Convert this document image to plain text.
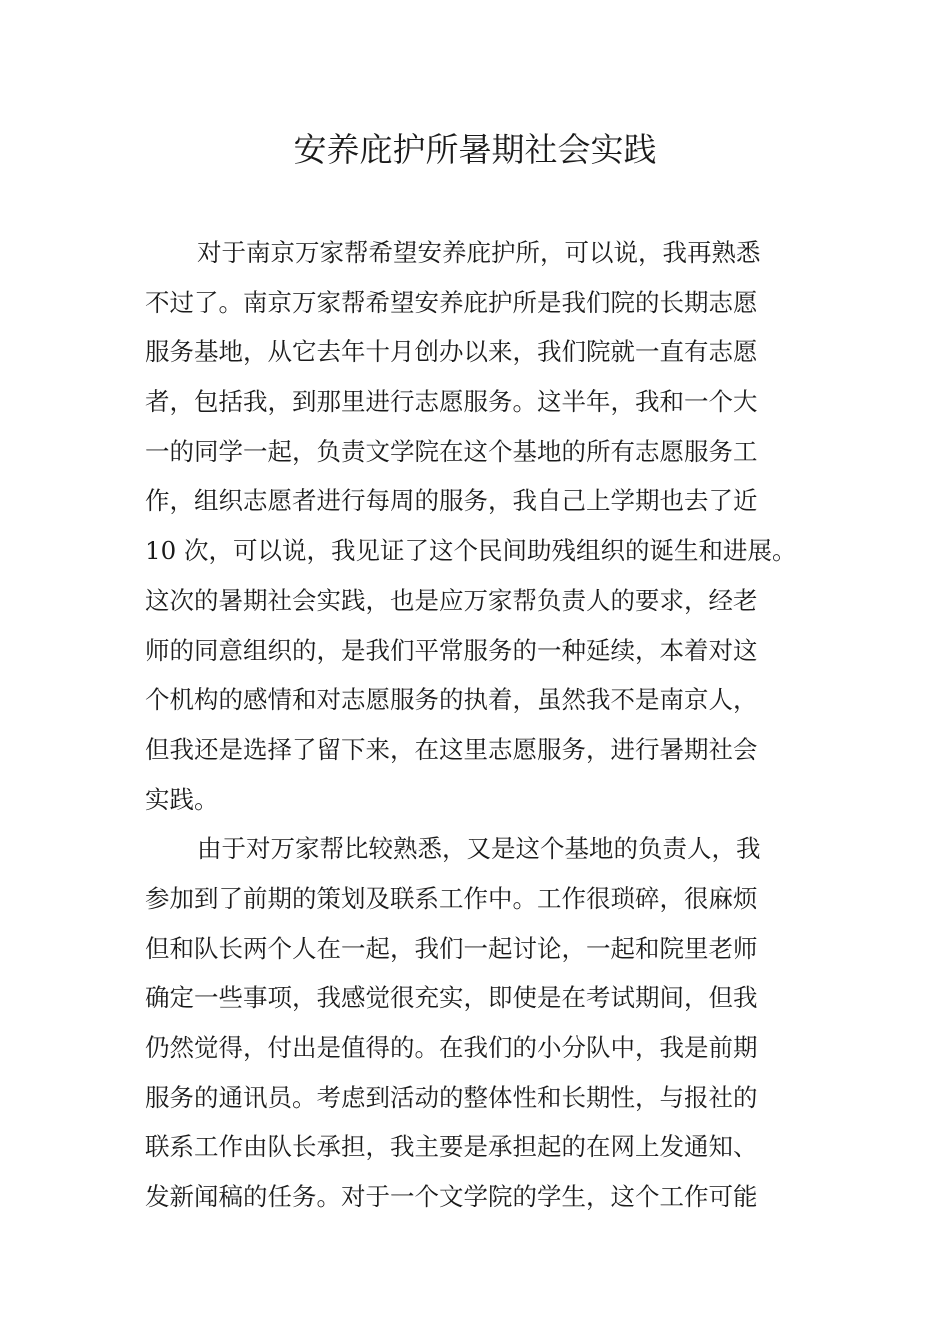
安养庇护所暑期社会实践

对于南京万家帮希望安养庇护所，可以说，我再熟悉

不过了。南京万家帮希望安养庇护所是我们院的长期志愿

服务基地，从它去年十月创办以来，我们院就一直有志愿

者，包括我，到那里进行志愿服务。这半年，我和一个大

一的同学一起，负责文学院在这个基地的所有志愿服务工

作，组织志愿者进行每周的服务，我自己上学期也去了近

10 次，可以说，我见证了这个民间助残组织的诞生和进展。

这次的暑期社会实践，也是应万家帮负责人的要求，经老

师的同意组织的，是我们平常服务的一种延续，本着对这

个机构的感情和对志愿服务的执着，虽然我不是南京人，

但我还是选择了留下来，在这里志愿服务，进行暑期社会

实践。

由于对万家帮比较熟悉，又是这个基地的负责人，我

参加到了前期的策划及联系工作中。工作很琐碎，很麻烦

但和队长两个人在一起，我们一起讨论，一起和院里老师

确定一些事项，我感觉很充实，即使是在考试期间，但我

仍然觉得，付出是值得的。在我们的小分队中，我是前期

服务的通讯员。考虑到活动的整体性和长期性，与报社的

联系工作由队长承担，我主要是承担起的在网上发通知、

发新闻稿的任务。对于一个文学院的学生，这个工作可能
